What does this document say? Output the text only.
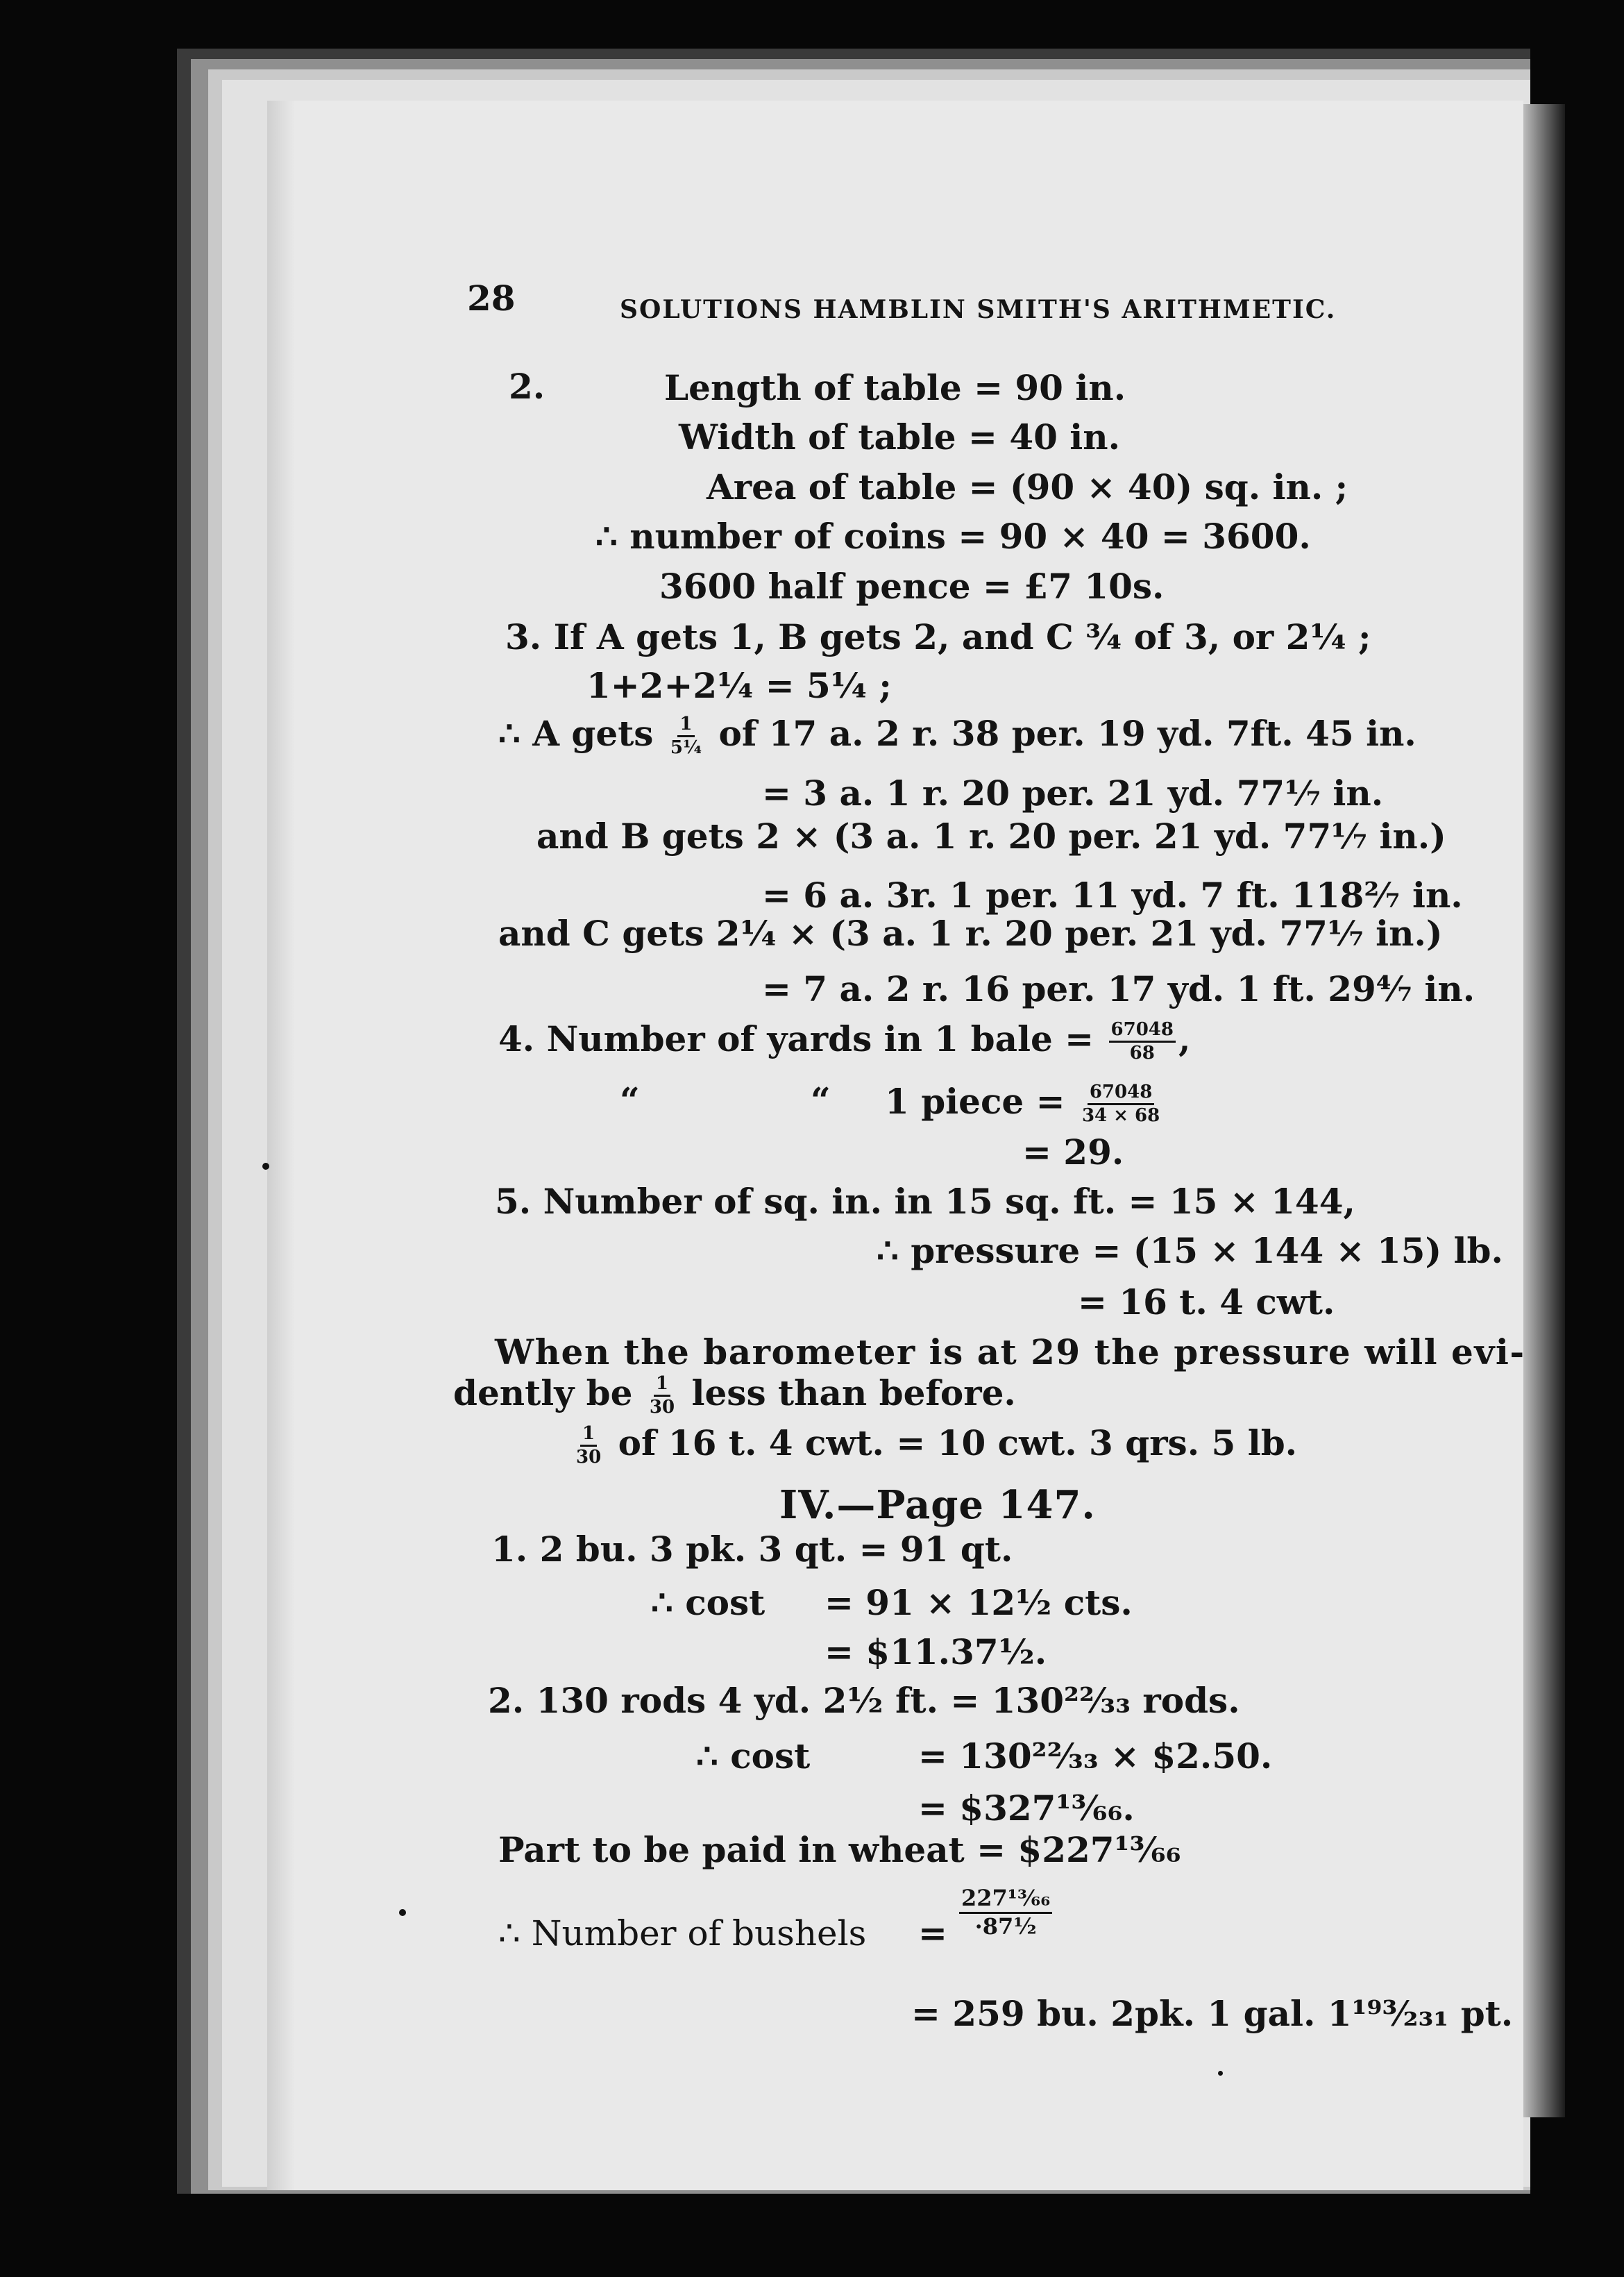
28	SOLUTIONS HAMBLIN SMITH'S ARITHMETIC.
2.	Length of table = 90 in.
Width of table = 40 in.
Area of table = (90 × 40) sq. in. ;
∴ number of coins = 90 × 40 = 3600.
3600 half pence = £7 10s.
3. If A gets 1, B gets 2, and C ¾ of 3, or 2¼ ;
1+2+2¼ = 5¼ ;
∴ A gets $\frac{1}{\text{5¼}}$ of 17 a. 2 r. 38 per. 19 yd. 7ft. 45 in.
= 3 a. 1 r. 20 per. 21 yd. 77⅐ in.
and B gets 2 × (3 a. 1 r. 20 per. 21 yd. 77⅐ in.)
= 6 a. 3r. 1 per. 11 yd. 7 ft. 118²⁄₇ in.
and C gets 2¼ × (3 a. 1 r. 20 per. 21 yd. 77⅐ in.)
= 7 a. 2 r. 16 per. 17 yd. 1 ft. 29⁴⁄₇ in.
4. Number of yards in 1 bale = $\frac{67048}{68}$ ,
“	“ 1 piece = $\frac{67048}{34 \times 68}$
= 29.
5. Number of sq. in. in 15 sq. ft. = 15 × 144,
∴ pressure = (15 × 144 × 15) lb.
= 16 t. 4 cwt.
When the barometer is at 29 the pressure will evi-
dently be $\frac{1}{30}$ less than before.
$\frac{1}{30}$ of 16 t. 4 cwt. = 10 cwt. 3 qrs. 5 lb.
IV.—Page 147.
1. 2 bu. 3 pk. 3 qt. = 91 qt.
∴ cost = 91 × 12½ cts.
= $11.37½.
2. 130 rods 4 yd. 2½ ft. = 130²²⁄₃₃ rods.
∴ cost	= 130²²⁄₃₃ × $2.50.
= $327¹³⁄₆₆.
Part to be paid in wheat = $227¹³⁄₆₆
∴ Number of bushels = $\frac{\text{227¹³⁄₆₆}}{\text{·87½}}$
= 259 bu. 2pk. 1 gal. 1¹⁹³⁄₂₃₁ pt.
